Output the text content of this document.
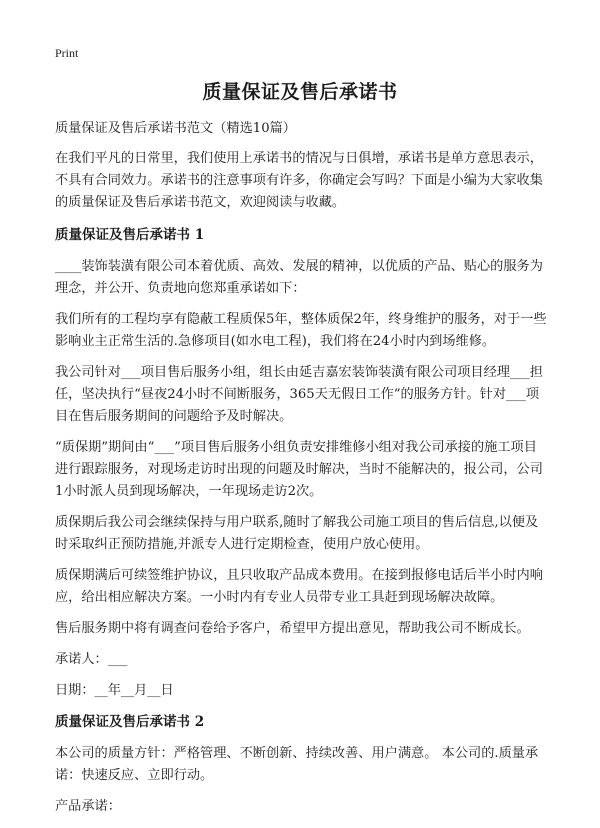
Print
质量保证及售后承诺书

质量保证及售后承诺书范文（精选10篇）

在我们平凡的日常里，我们使用上承诺书的情况与日俱增，承诺书是单方意思表示，不具有合同效力。承诺书的注意事项有许多，你确定会写吗？下面是小编为大家收集的质量保证及售后承诺书范文，欢迎阅读与收藏。

质量保证及售后承诺书 1

____装饰装潢有限公司本着优质、高效、发展的精神，以优质的产品、贴心的服务为理念，并公开、负责地向您郑重承诺如下：

我们所有的工程均享有隐蔽工程质保5年，整体质保2年，终身维护的服务，对于一些影响业主正常生活的.急修项目(如水电工程)，我们将在24小时内到场维修。

我公司针对___项目售后服务小组，组长由延吉嘉宏装饰装潢有限公司项目经理___担任，坚决执行“昼夜24小时不间断服务，365天无假日工作”的服务方针。针对___项目在售后服务期间的问题给予及时解决。

“质保期”期间由“___”项目售后服务小组负责安排维修小组对我公司承接的施工项目进行跟踪服务，对现场走访时出现的问题及时解决，当时不能解决的，报公司，公司1小时派人员到现场解决，一年现场走访2次。

质保期后我公司会继续保持与用户联系,随时了解我公司施工项目的售后信息,以便及时采取纠正预防措施,并派专人进行定期检查，使用户放心使用。

质保期满后可续签维护协议，且只收取产品成本费用。在接到报修电话后半小时内响应，给出相应解决方案。一小时内有专业人员带专业工具赶到现场解决故障。

售后服务期中将有调查问卷给予客户，希望甲方提出意见，帮助我公司不断成长。

承诺人：___

日期：__年__月__日

质量保证及售后承诺书 2

本公司的质量方针：严格管理、不断创新、持续改善、用户满意。 本公司的.质量承诺：快速反应、立即行动。

产品承诺：
